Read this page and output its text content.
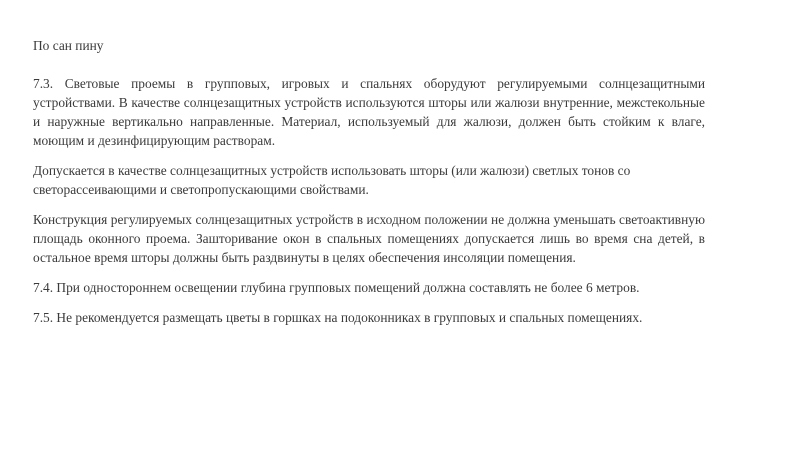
По сан пину

7.3. Световые проемы в групповых, игровых и спальнях оборудуют регулируемыми солнцезащитными устройствами. В качестве солнцезащитных устройств используются шторы или жалюзи внутренние, межстекольные и наружные вертикально направленные. Материал, используемый для жалюзи, должен быть стойким к влаге, моющим и дезинфицирующим растворам.

Допускается в качестве солнцезащитных устройств использовать шторы (или жалюзи) светлых тонов со светорассеивающими и светопропускающими свойствами.

Конструкция регулируемых солнцезащитных устройств в исходном положении не должна уменьшать светоактивную площадь оконного проема. Зашторивание окон в спальных помещениях допускается лишь во время сна детей, в остальное время шторы должны быть раздвинуты в целях обеспечения инсоляции помещения.

7.4. При одностороннем освещении глубина групповых помещений должна составлять не более 6 метров.

7.5. Не рекомендуется размещать цветы в горшках на подоконниках в групповых и спальных помещениях.
